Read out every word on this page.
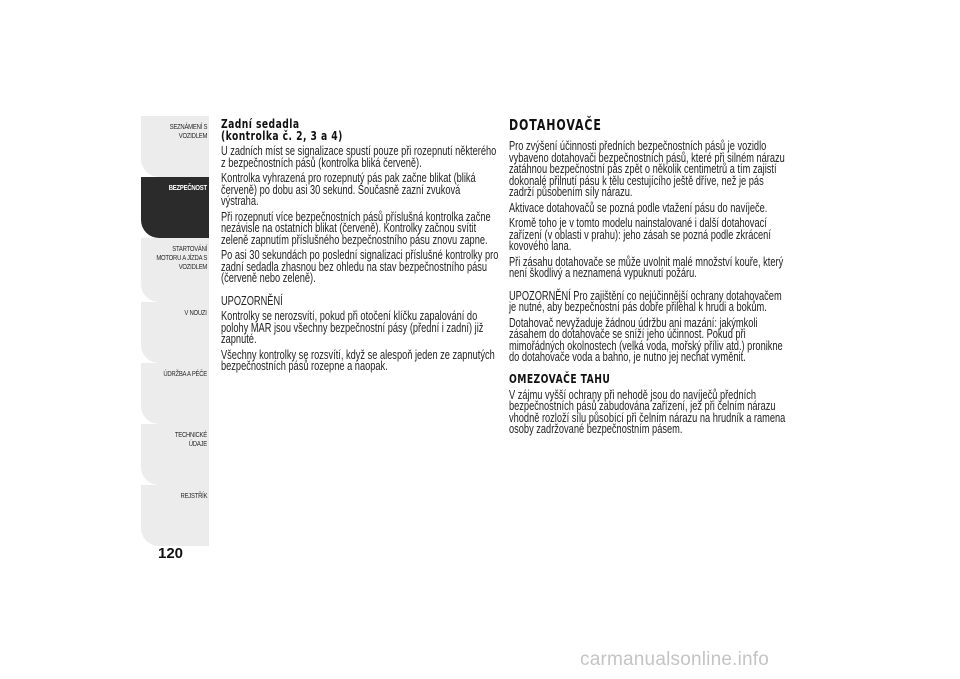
SEZNÁMENÍ S
VOZIDLEM
BEZPEČNOST
STARTOVÁNÍ
MOTORU A JÍZDA S
VOZIDLEM
V NOUZI
ÚDRŽBA A PÉČE
TECHNICKÉ ÚDAJE
REJSTŘÍK
120
Zadní sedadla
(kontrolka č. 2, 3 a 4)

U zadních míst se signalizace spustí pouze při rozepnutí některého z bezpečnostních pásů (kontrolka bliká červeně).

Kontrolka vyhrazená pro rozepnutý pás pak začne blikat (bliká červeně) po dobu asi 30 sekund. Současně zazní zvuková výstraha.

Při rozepnutí více bezpečnostních pásů příslušná kontrolka začne nezávisle na ostatních blikat (červeně). Kontrolky začnou svítit zeleně zapnutím příslušného bezpečnostního pásu znovu zapne.

Po asi 30 sekundách po poslední signalizaci příslušné kontrolky pro zadní sedadla zhasnou bez ohledu na stav bezpečnostního pásu (červeně nebo zeleně).

UPOZORNĚNÍ

Kontrolky se nerozsvítí, pokud při otočení klíčku zapalování do polohy MAR jsou všechny bezpečnostní pásy (přední i zadní) již zapnuté.

Všechny kontrolky se rozsvítí, když se alespoň jeden ze zapnutých bezpečnostních pásů rozepne a naopak.

DOTAHOVAČE

Pro zvýšení účinnosti předních bezpečnostních pásů je vozidlo vybaveno dotahovači bezpečnostních pásů, které při silném nárazu zatáhnou bezpečnostní pás zpět o několik centimetrů a tím zajistí dokonalé přilnutí pásu k tělu cestujícího ještě dříve, než je pás zadrží působením síly nárazu.

Aktivace dotahovačů se pozná podle vtažení pásu do navíječe.

Kromě toho je v tomto modelu nainstalované i další dotahovací zařízení (v oblasti v prahu): jeho zásah se pozná podle zkrácení kovového lana.

Při zásahu dotahovače se může uvolnit malé množství kouře, který není škodlivý a neznamená vypuknutí požáru.

UPOZORNĚNÍ Pro zajištění co nejúčinnější ochrany dotahovačem je nutné, aby bezpečnostní pás dobře přiléhal k hrudi a bokům.

Dotahovač nevyžaduje žádnou údržbu ani mazání: jakýmkoli zásahem do dotahovače se sníží jeho účinnost. Pokud při mimořádných okolnostech (velká voda, mořský příliv atd.) pronikne do dotahovače voda a bahno, je nutno jej nechat vyměnit.

OMEZOVAČE TAHU

V zájmu vyšší ochrany při nehodě jsou do navíječů předních bezpečnostních pásů zabudována zařízení, jež při čelním nárazu vhodně rozloží sílu působící při čelním nárazu na hrudník a ramena osoby zadržované bezpečnostním pásem.

carmanualsonline.info
